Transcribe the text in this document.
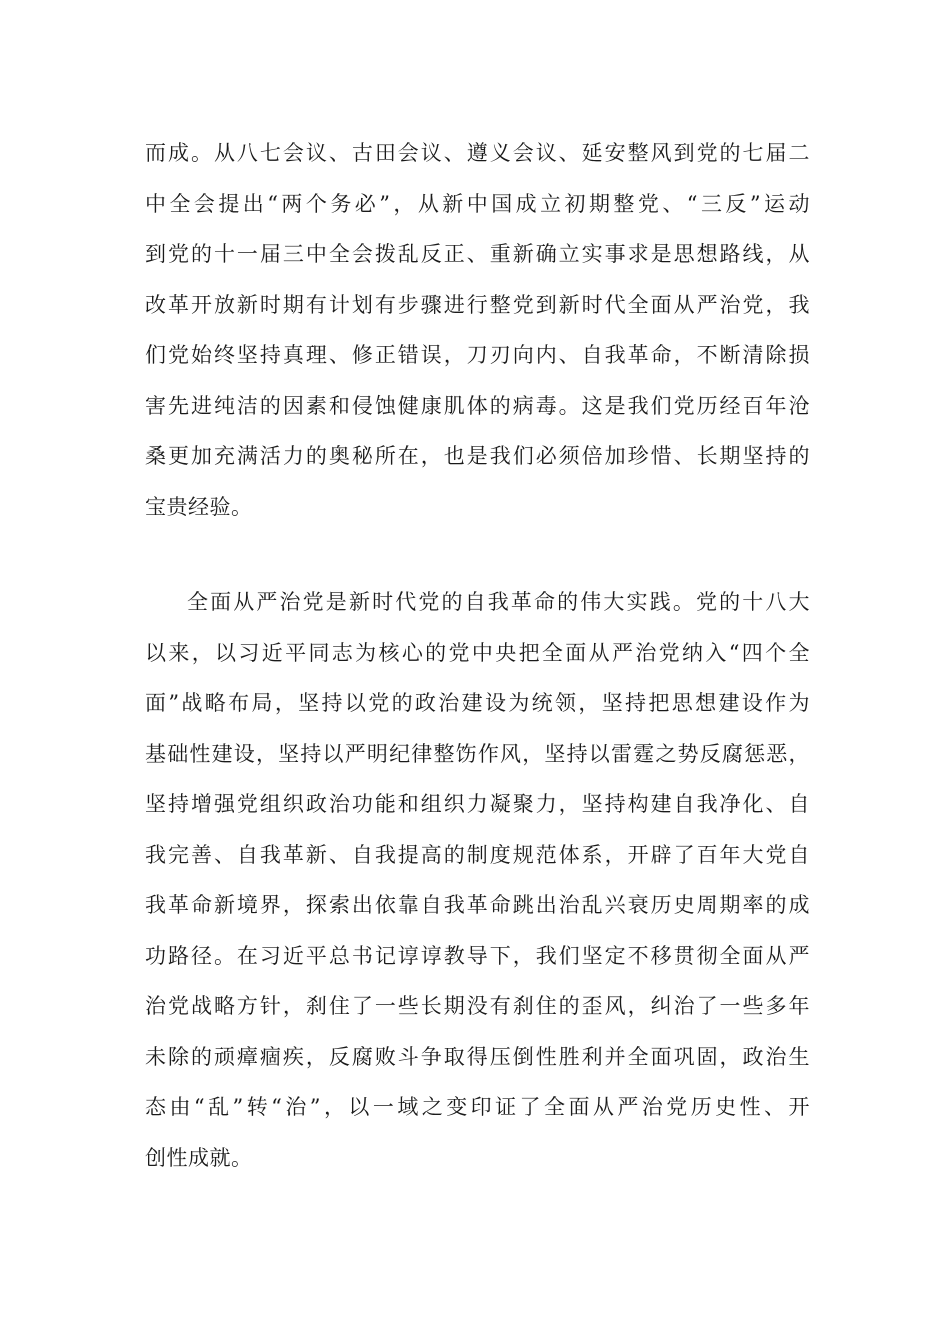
而成。从八七会议、古田会议、遵义会议、延安整风到党的七届二
中全会提出“两个务必”，从新中国成立初期整党、“三反”运动
到党的十一届三中全会拨乱反正、重新确立实事求是思想路线，从
改革开放新时期有计划有步骤进行整党到新时代全面从严治党，我
们党始终坚持真理、修正错误，刀刃向内、自我革命，不断清除损
害先进纯洁的因素和侵蚀健康肌体的病毒。这是我们党历经百年沧
桑更加充满活力的奥秘所在，也是我们必须倍加珍惜、长期坚持的
宝贵经验。
全面从严治党是新时代党的自我革命的伟大实践。党的十八大
以来，以习近平同志为核心的党中央把全面从严治党纳入“四个全
面”战略布局，坚持以党的政治建设为统领，坚持把思想建设作为
基础性建设，坚持以严明纪律整饬作风，坚持以雷霆之势反腐惩恶，
坚持增强党组织政治功能和组织力凝聚力，坚持构建自我净化、自
我完善、自我革新、自我提高的制度规范体系，开辟了百年大党自
我革命新境界，探索出依靠自我革命跳出治乱兴衰历史周期率的成
功路径。在习近平总书记谆谆教导下，我们坚定不移贯彻全面从严
治党战略方针，刹住了一些长期没有刹住的歪风，纠治了一些多年
未除的顽瘴痼疾，反腐败斗争取得压倒性胜利并全面巩固，政治生
态由“乱”转“治”，以一域之变印证了全面从严治党历史性、开
创性成就。
